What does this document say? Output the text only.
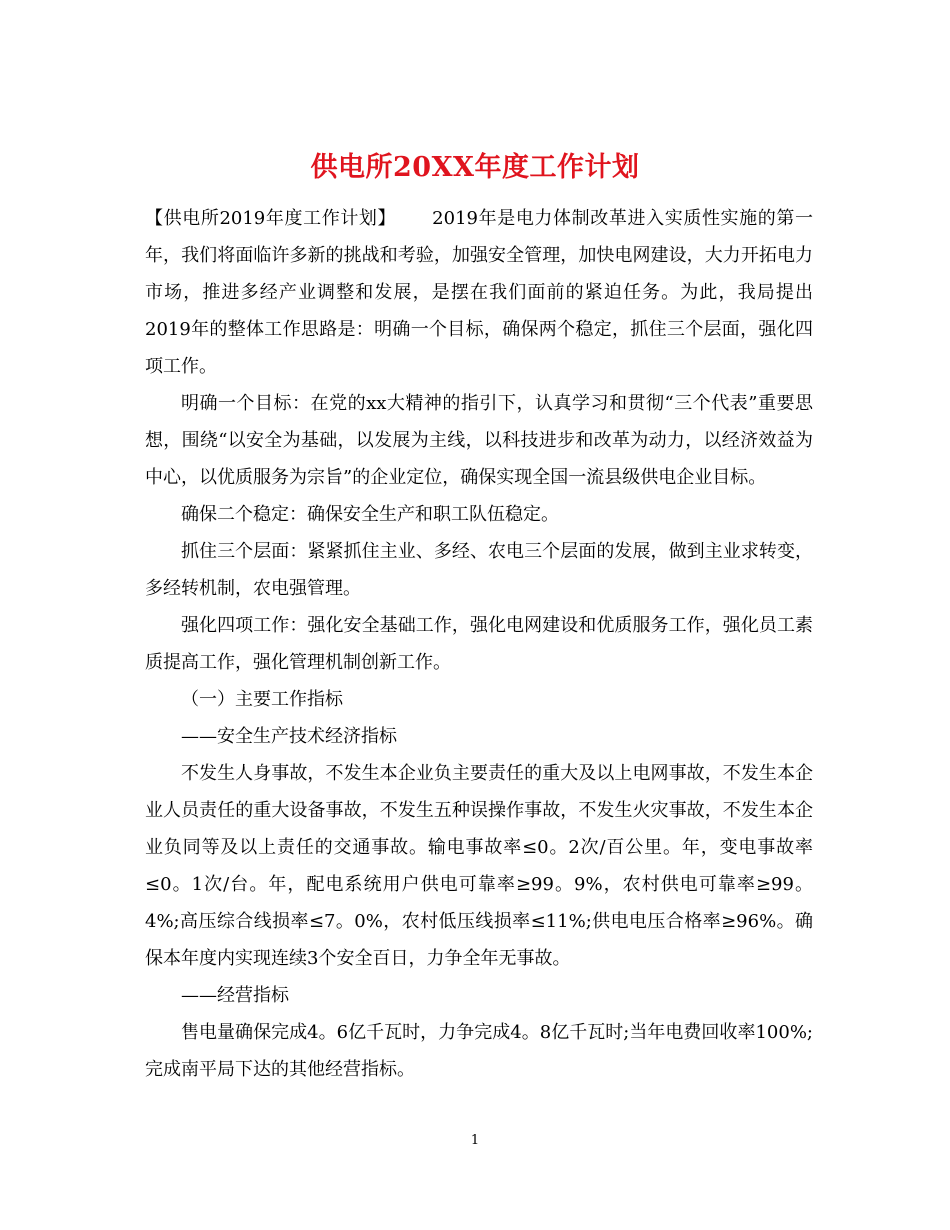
供电所20XX年度工作计划

【供电所2019年度工作计划】 2019年是电力体制改革进入实质性实施的第一年，我们将面临许多新的挑战和考验，加强安全管理，加快电网建设，大力开拓电力市场，推进多经产业调整和发展，是摆在我们面前的紧迫任务。为此，我局提出2019年的整体工作思路是：明确一个目标，确保两个稳定，抓住三个层面，强化四项工作。

明确一个目标：在党的xx大精神的指引下，认真学习和贯彻“三个代表”重要思想，围绕“以安全为基础，以发展为主线，以科技进步和改革为动力，以经济效益为中心，以优质服务为宗旨”的企业定位，确保实现全国一流县级供电企业目标。

确保二个稳定：确保安全生产和职工队伍稳定。

抓住三个层面：紧紧抓住主业、多经、农电三个层面的发展，做到主业求转变，多经转机制，农电强管理。

强化四项工作：强化安全基础工作，强化电网建设和优质服务工作，强化员工素质提高工作，强化管理机制创新工作。

（一）主要工作指标

——安全生产技术经济指标

不发生人身事故，不发生本企业负主要责任的重大及以上电网事故，不发生本企业人员责任的重大设备事故，不发生五种误操作事故，不发生火灾事故，不发生本企业负同等及以上责任的交通事故。输电事故率≤0。2次/百公里。年，变电事故率≤0。1次/台。年，配电系统用户供电可靠率≥99。9%，农村供电可靠率≥99。4%;高压综合线损率≤7。0%，农村低压线损率≤11%;供电电压合格率≥96%。确保本年度内实现连续3个安全百日，力争全年无事故。

——经营指标

售电量确保完成4。6亿千瓦时，力争完成4。8亿千瓦时;当年电费回收率100%;完成南平局下达的其他经营指标。

1
